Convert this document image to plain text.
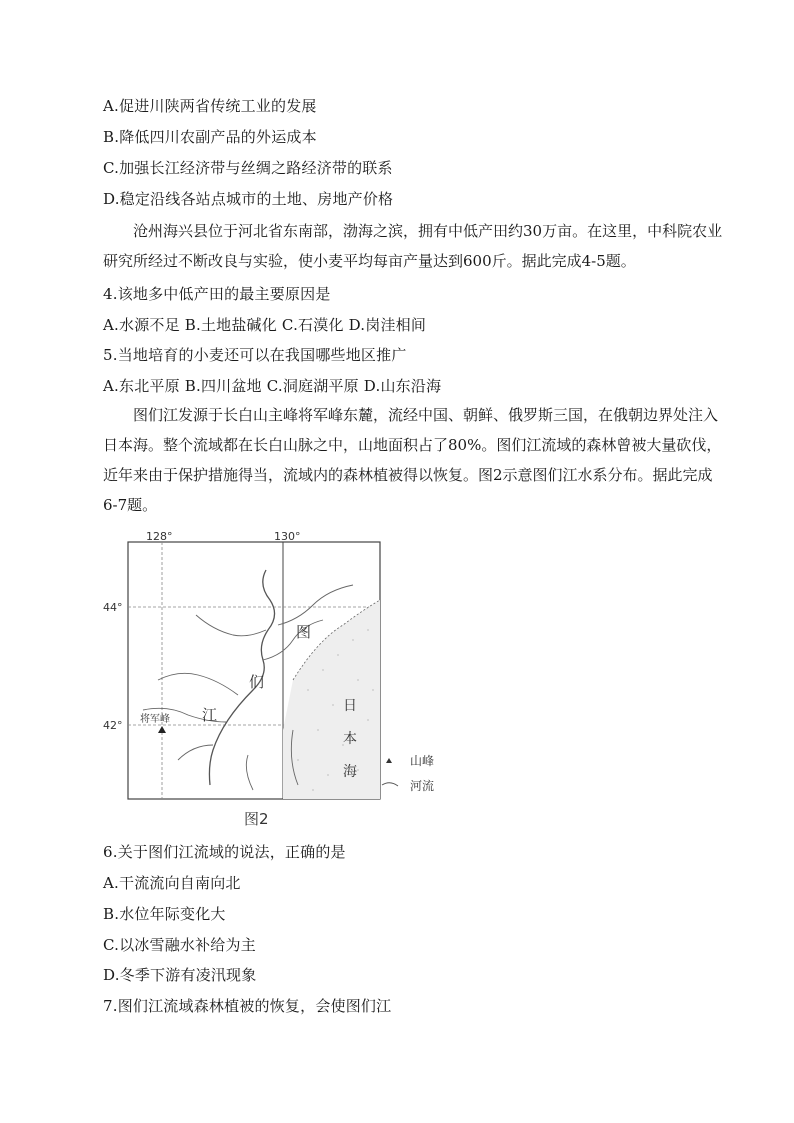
A.促进川陕两省传统工业的发展
B.降低四川农副产品的外运成本
C.加强长江经济带与丝绸之路经济带的联系
D.稳定沿线各站点城市的土地、房地产价格
沧州海兴县位于河北省东南部，渤海之滨，拥有中低产田约30万亩。在这里，中科院农业研究所经过不断改良与实验，使小麦平均每亩产量达到600斤。据此完成4-5题。
4.该地多中低产田的最主要原因是
A.水源不足 B.土地盐碱化 C.石漠化 D.岗洼相间
5.当地培育的小麦还可以在我国哪些地区推广
A.东北平原 B.四川盆地 C.洞庭湖平原 D.山东沿海
图们江发源于长白山主峰将军峰东麓，流经中国、朝鲜、俄罗斯三国，在俄朝边界处注入日本海。整个流域都在长白山脉之中，山地面积占了80%。图们江流域的森林曾被大量砍伐，近年来由于保护措施得当，流域内的森林植被得以恢复。图2示意图们江水系分布。据此完成6-7题。
128°	130°
44°
42°
图
们
江	日
本
海
将军峰
山峰
河流
图2
6.关于图们江流域的说法，正确的是
A.干流流向自南向北
B.水位年际变化大
C.以冰雪融水补给为主
D.冬季下游有凌汛现象
7.图们江流域森林植被的恢复，会使图们江
